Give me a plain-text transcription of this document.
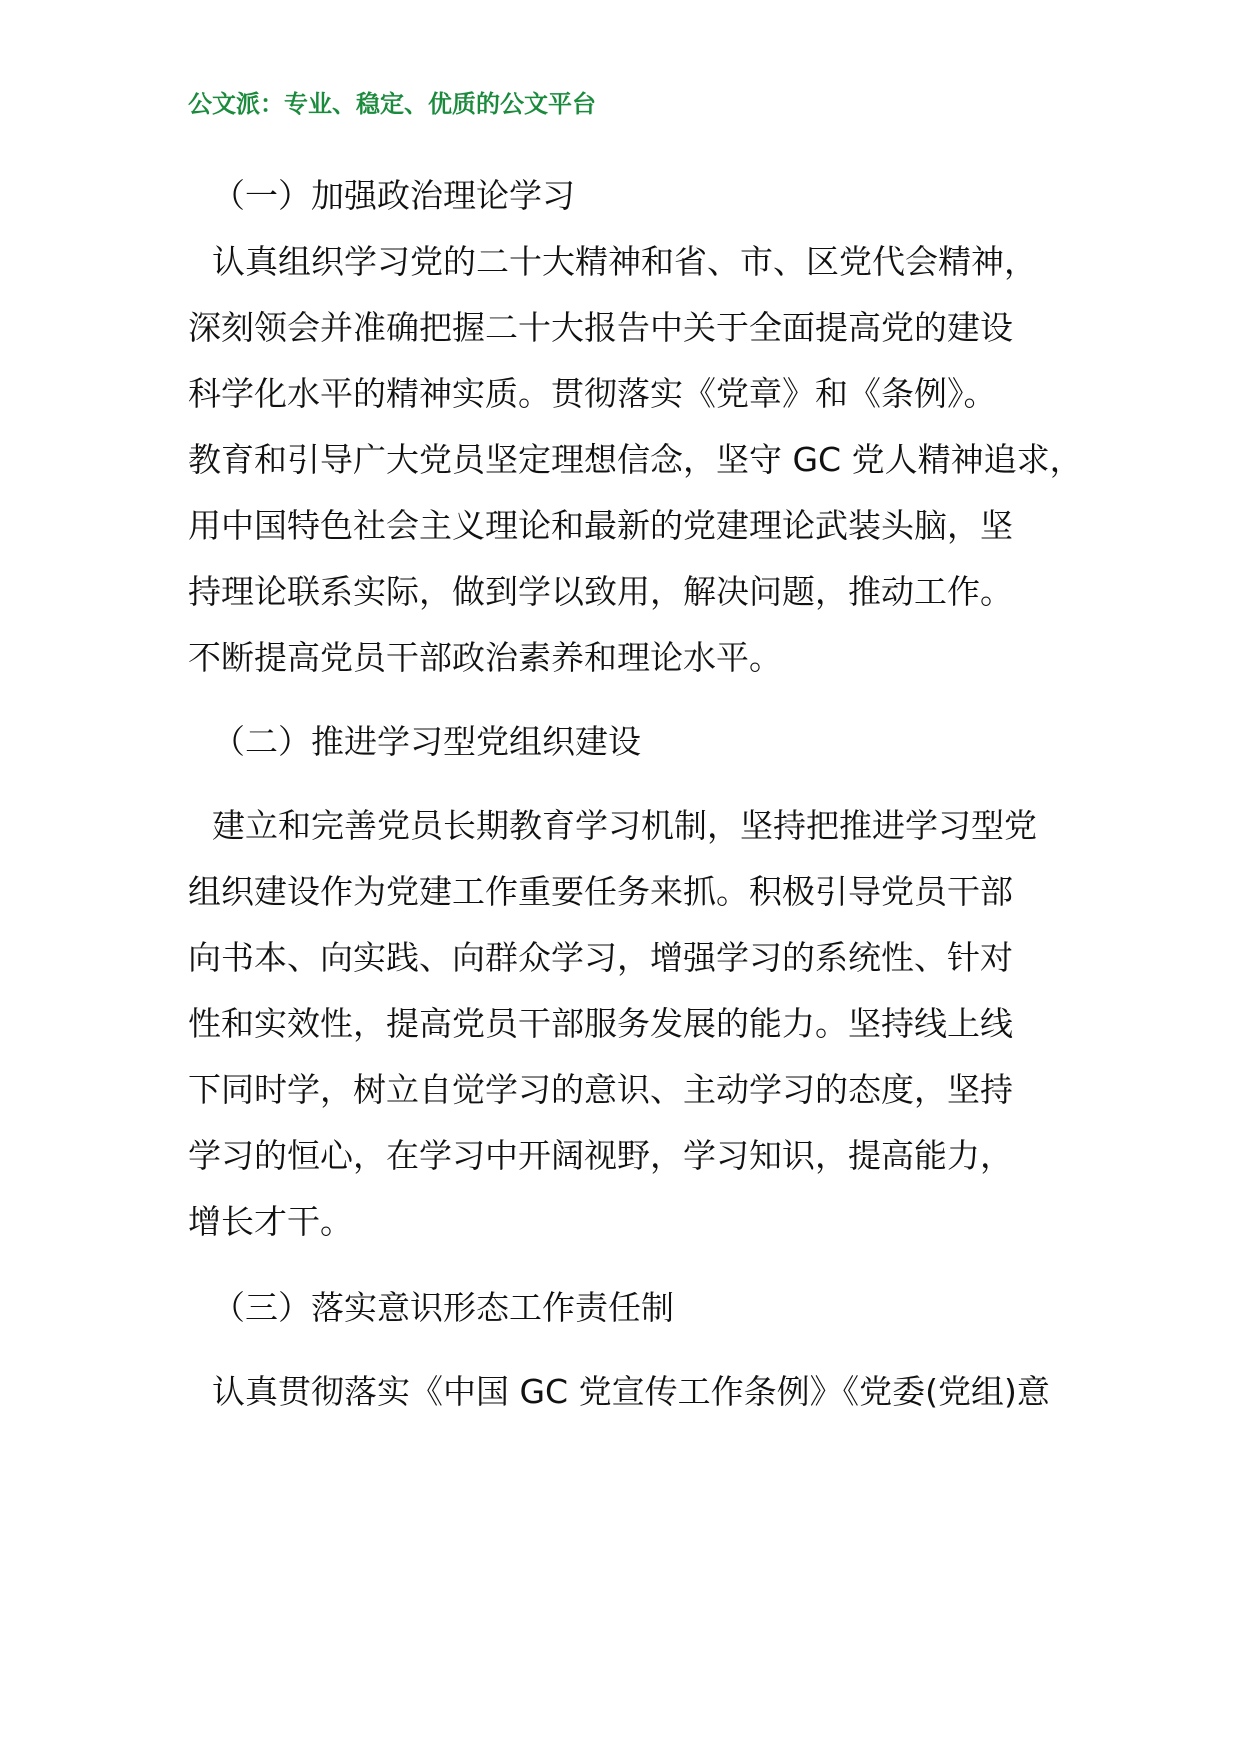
公文派：专业、稳定、优质的公文平台
（一）加强政治理论学习
认真组织学习党的二十大精神和省、市、区党代会精神，
深刻领会并准确把握二十大报告中关于全面提高党的建设
科学化水平的精神实质。贯彻落实《党章》和《条例》。
教育和引导广大党员坚定理想信念，坚守 GC 党人精神追求，
用中国特色社会主义理论和最新的党建理论武装头脑，坚
持理论联系实际，做到学以致用，解决问题，推动工作。
不断提高党员干部政治素养和理论水平。
（二）推进学习型党组织建设
建立和完善党员长期教育学习机制，坚持把推进学习型党
组织建设作为党建工作重要任务来抓。积极引导党员干部
向书本、向实践、向群众学习，增强学习的系统性、针对
性和实效性，提高党员干部服务发展的能力。坚持线上线
下同时学，树立自觉学习的意识、主动学习的态度，坚持
学习的恒心，在学习中开阔视野，学习知识，提高能力，
增长才干。
（三）落实意识形态工作责任制
认真贯彻落实《中国 GC 党宣传工作条例》《党委(党组)意
